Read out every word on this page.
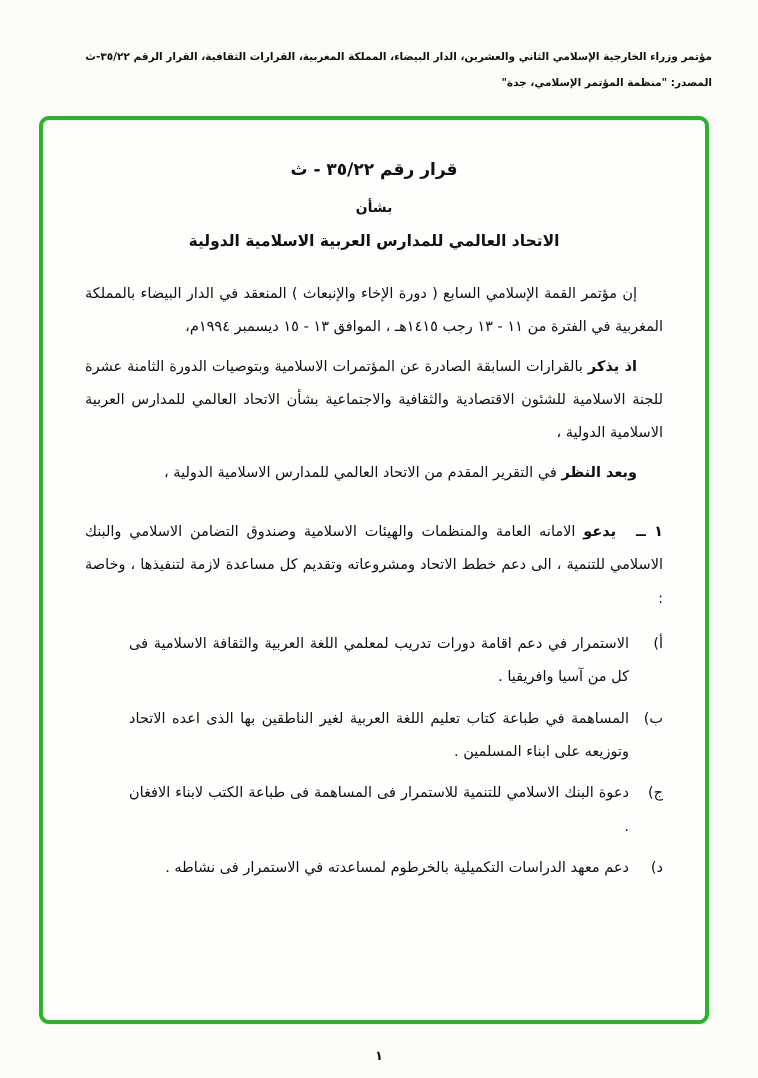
مؤتمر وزراء الخارجية الإسلامي الثاني والعشرين، الدار البيضاء، المملكة المغربية، القرارات الثقافية، القرار الرقم ٣٥/٢٢-ث
المصدر: "منظمة المؤتمر الإسلامي، جدة"
قرار رقم ٣٥/٢٢ - ث
بشأن
الاتحاد العالمي للمدارس العربية الاسلامية الدولية

إن مؤتمر القمة الإسلامي السابع ( دورة الإخاء والإنبعاث ) المنعقد في الدار البيضاء بالمملكة المغربية في الفترة من ١١ - ١٣ رجب ١٤١٥هـ ، الموافق ١٣ - ١٥ ديسمبر ١٩٩٤م،

اذ يذكر بالقرارات السابقة الصادرة عن المؤتمرات الاسلامية وبتوصيات الدورة الثامنة عشرة للجنة الاسلامية للشئون الاقتصادية والثقافية والاجتماعية بشأن الاتحاد العالمي للمدارس العربية الاسلامية الدولية ،

وبعد النظر في التقرير المقدم من الاتحاد العالمي للمدارس الاسلامية الدولية ،

١ ــ يدعو الامانه العامة والمنظمات والهيئات الاسلامية وصندوق التضامن الاسلامي والبنك الاسلامي للتنمية ، الى دعم خطط الاتحاد ومشروعاته وتقديم كل مساعدة لازمة لتنفيذها ، وخاصة :

أ)
الاستمرار في دعم اقامة دورات تدريب لمعلمي اللغة العربية والثقافة الاسلامية فى كل من آسيا وافريقيا .
ب)
المساهمة في طباعة كتاب تعليم اللغة العربية لغير الناطقين بها الذى اعده الاتحاد وتوزيعه على ابناء المسلمين .
ج)
دعوة البنك الاسلامي للتنمية للاستمرار فى المساهمة فى طباعة الكتب لابناء الافغان .
د)
دعم معهد الدراسات التكميلية بالخرطوم لمساعدته في الاستمرار فى نشاطه .
١
